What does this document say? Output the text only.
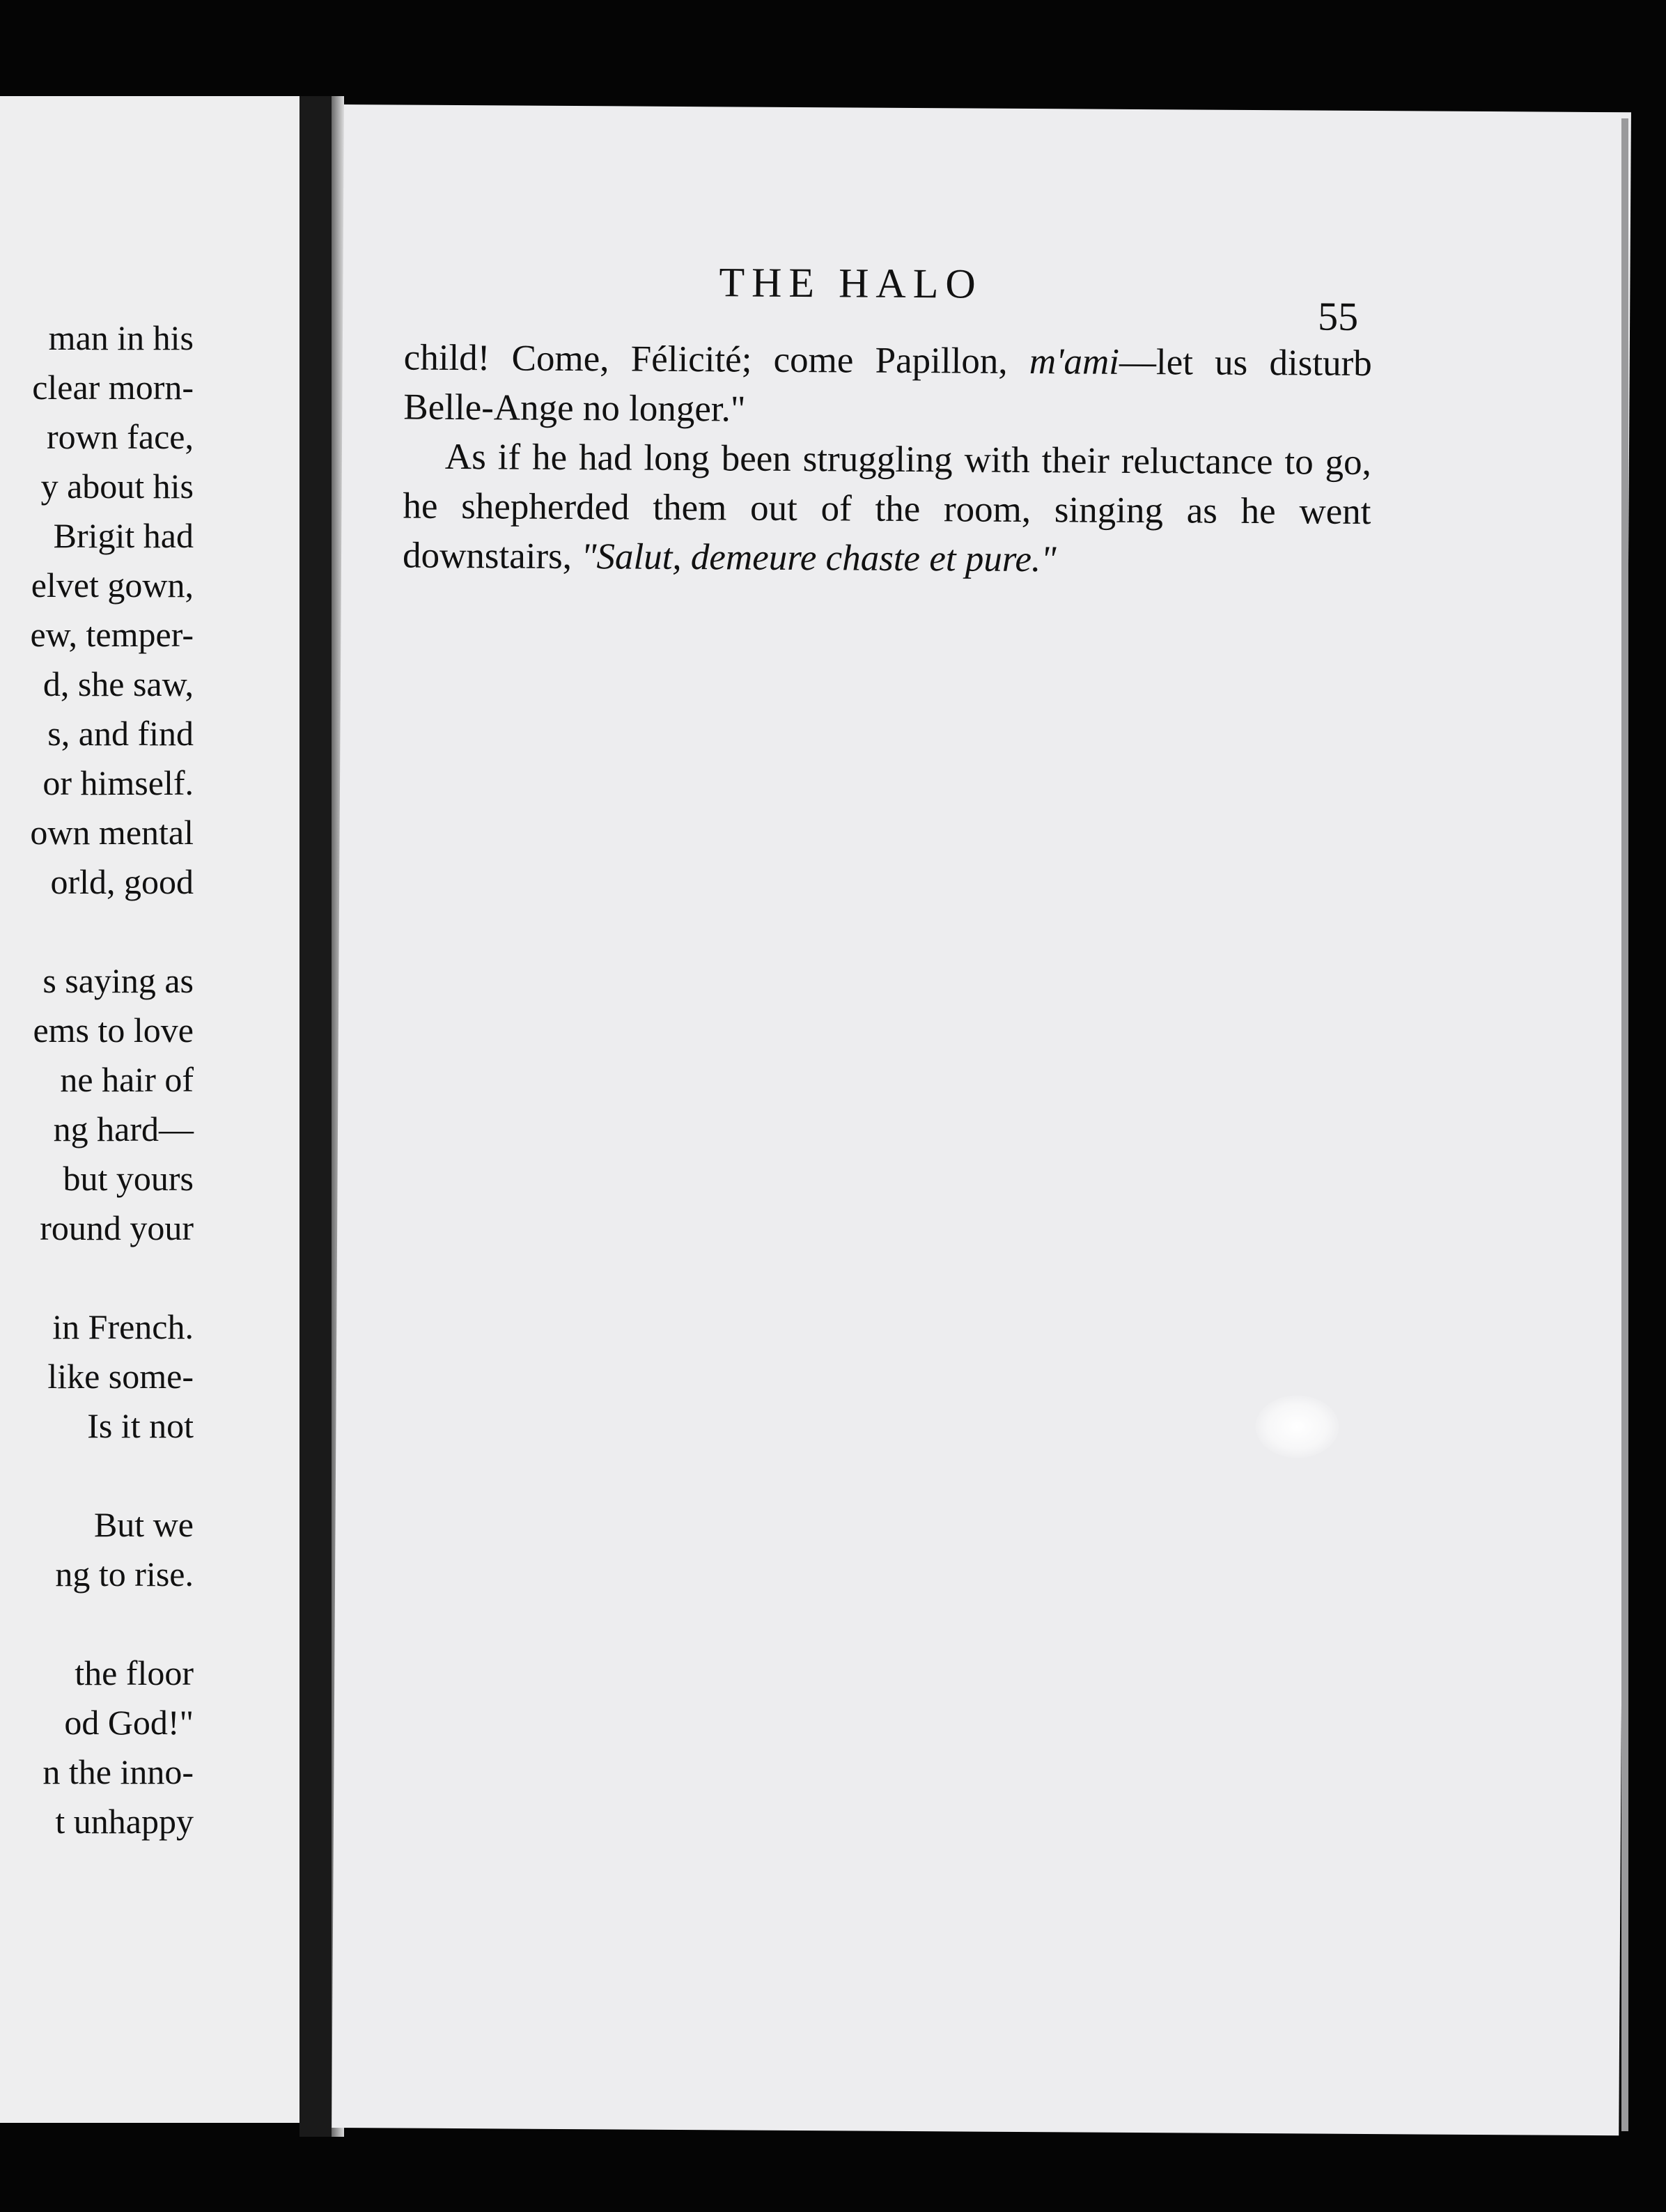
man in his
clear morn-
rown face,
y about his
Brigit had
elvet gown,
ew, temper-
d, she saw,
s, and find
or himself.
own mental
orld, good
s saying as
ems to love
ne hair of
ng hard—
but yours
round your
in French.
like some-
Is it not
But we
ng to rise.
the floor
od God!"
n the inno-
t unhappy
THE HALO
55

child! Come, Félicité; come Papillon, m'ami—let us disturb Belle-Ange no longer."

As if he had long been struggling with their reluctance to go, he shepherded them out of the room, singing as he went downstairs, "Salut, demeure chaste et pure."
